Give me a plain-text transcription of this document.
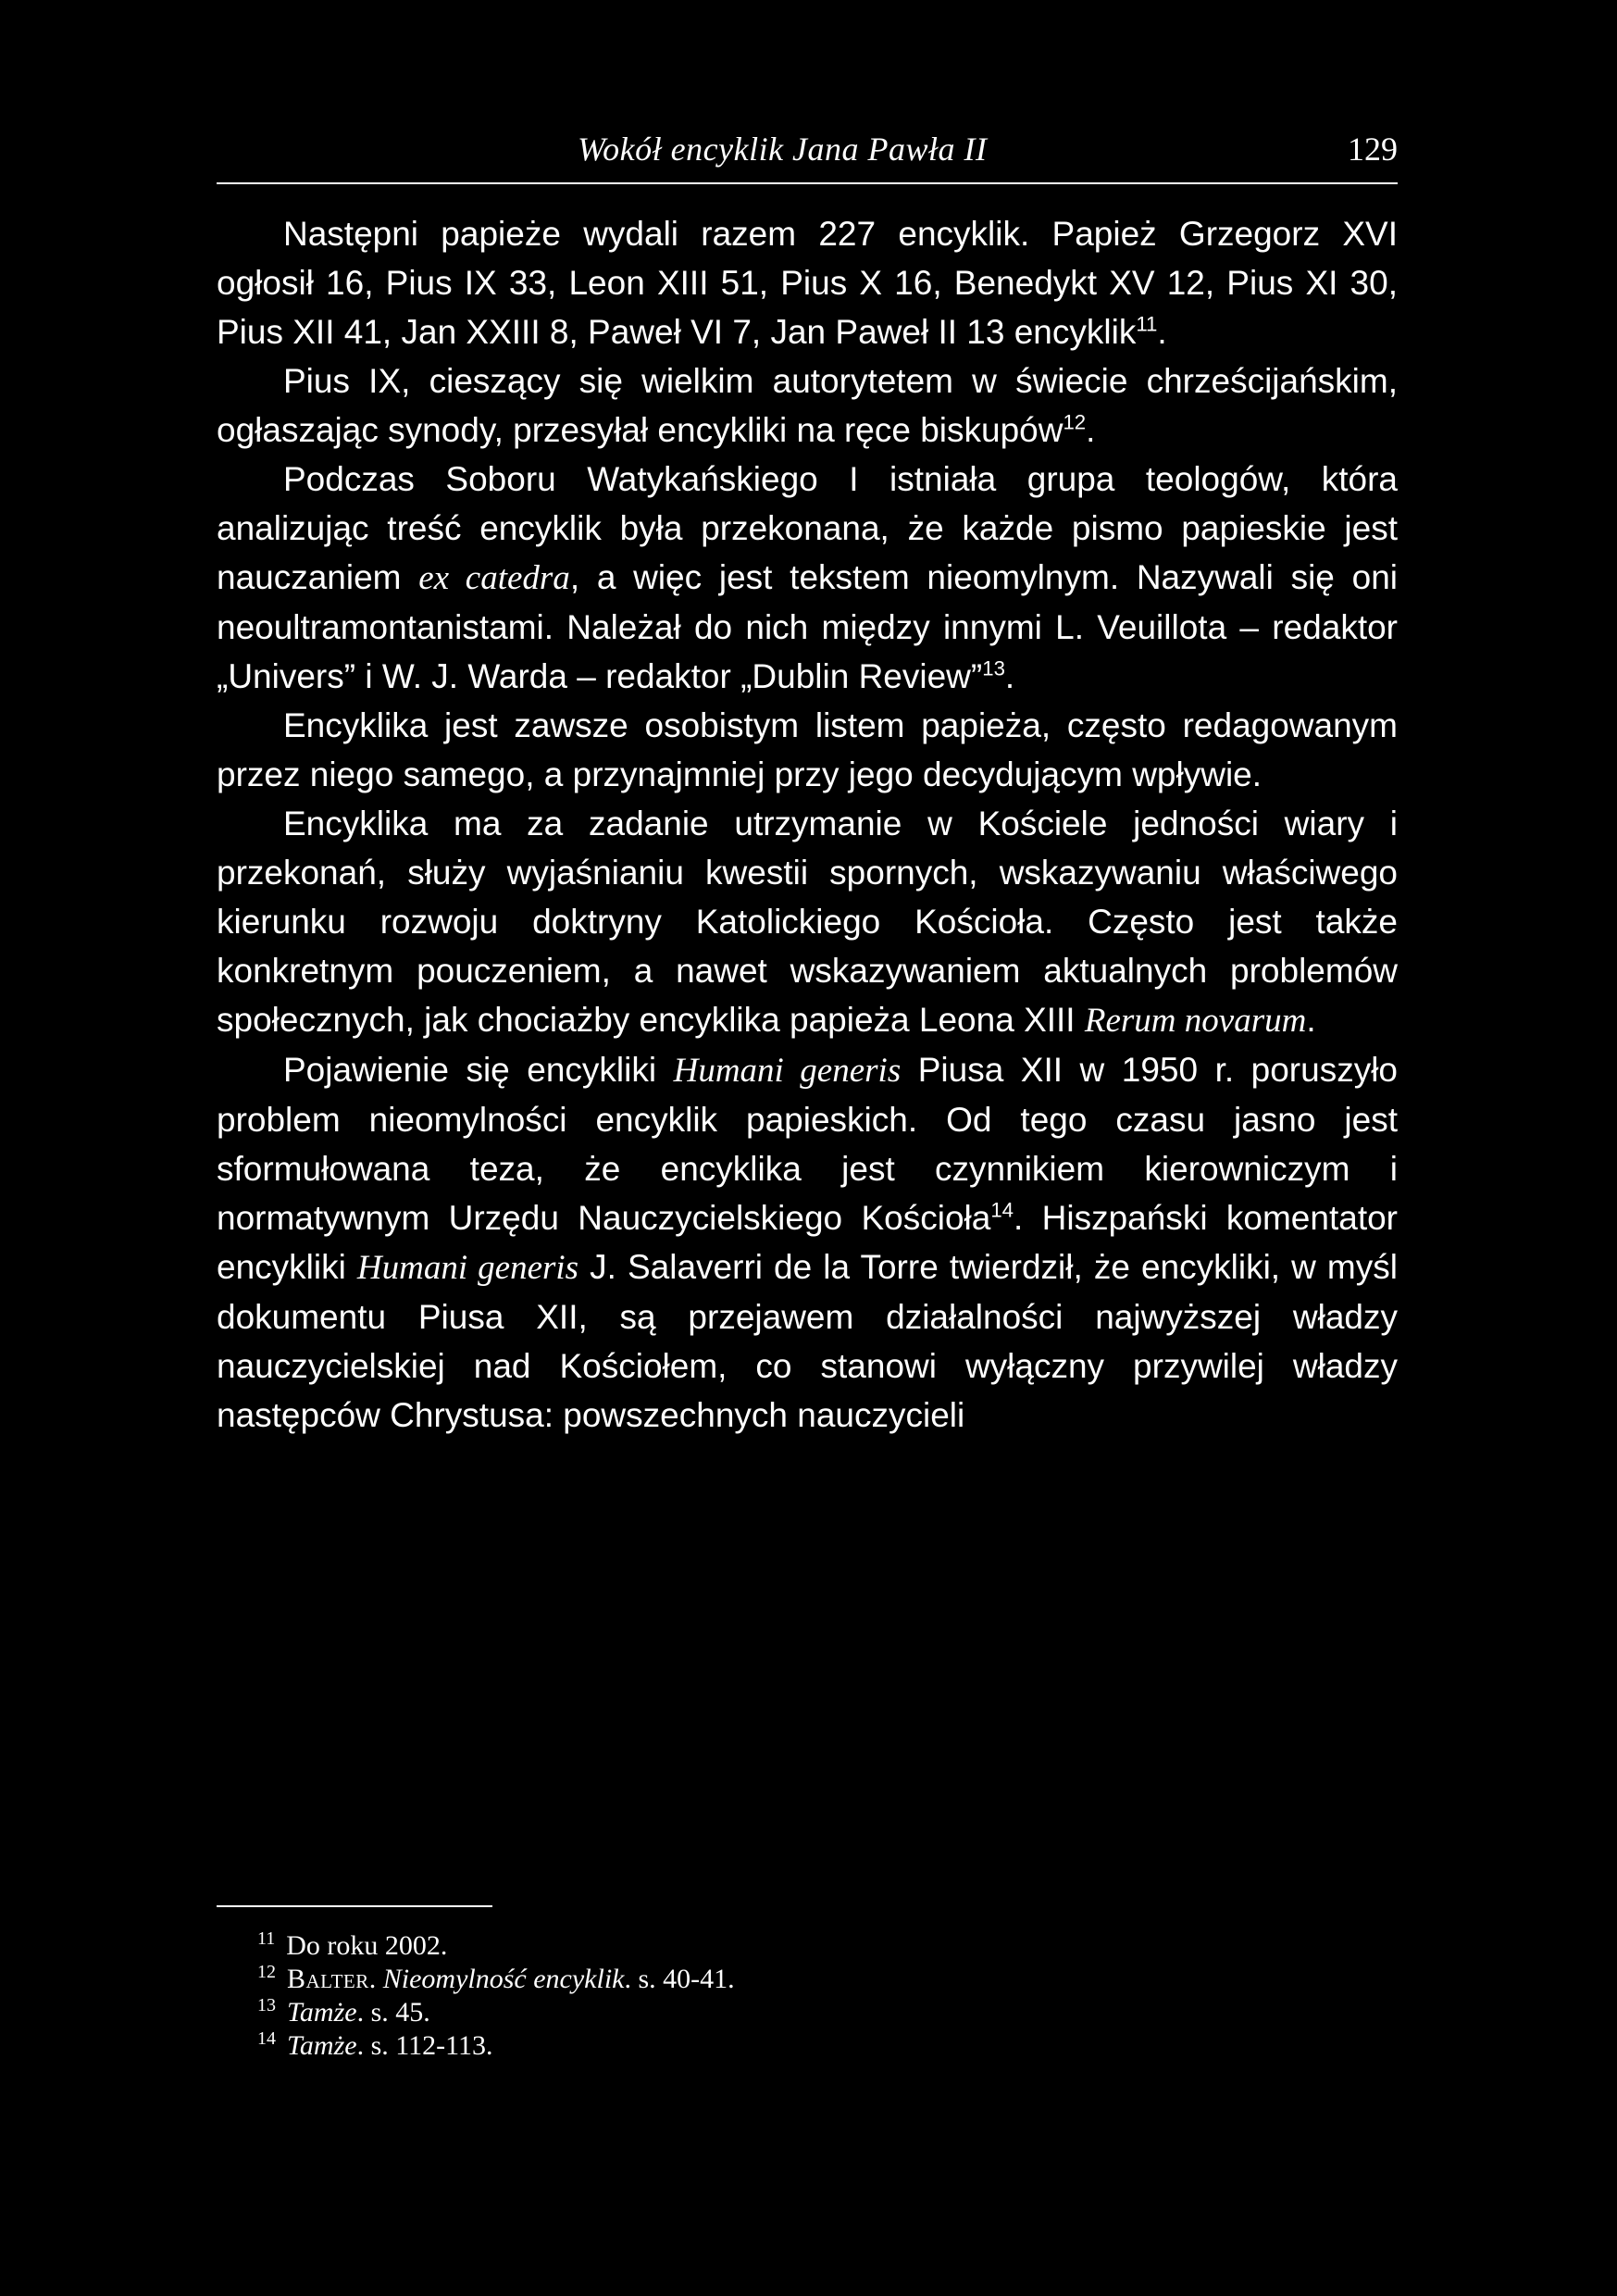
Wokół encyklik Jana Pawła II	129

Następni papieże wydali razem 227 encyklik. Papież Grzegorz XVI ogłosił 16, Pius IX 33, Leon XIII 51, Pius X 16, Benedykt XV 12, Pius XI 30, Pius XII 41, Jan XXIII 8, Paweł VI 7, Jan Paweł II 13 encyklik$^{11}$.

Pius IX, cieszący się wielkim autorytetem w świecie chrześcijańskim, ogłaszając synody, przesyłał encykliki na ręce biskupów$^{12}$.

Podczas Soboru Watykańskiego I istniała grupa teologów, która analizując treść encyklik była przekonana, że każde pismo papieskie jest nauczaniem ex catedra, a więc jest tekstem nieomylnym. Nazywali się oni neoultramontanistami. Należał do nich między innymi L. Veuillota – redaktor „Univers” i W. J. Warda – redaktor „Dublin Review”$^{13}$.

Encyklika jest zawsze osobistym listem papieża, często redagowanym przez niego samego, a przynajmniej przy jego decydującym wpływie.

Encyklika ma za zadanie utrzymanie w Kościele jedności wiary i przekonań, służy wyjaśnianiu kwestii spornych, wskazywaniu właściwego kierunku rozwoju doktryny Katolickiego Kościoła. Często jest także konkretnym pouczeniem, a nawet wskazywaniem aktualnych problemów społecznych, jak chociażby encyklika papieża Leona XIII Rerum novarum.

Pojawienie się encykliki Humani generis Piusa XII w 1950 r. poruszyło problem nieomylności encyklik papieskich. Od tego czasu jasno jest sformułowana teza, że encyklika jest czynnikiem kierowniczym i normatywnym Urzędu Nauczycielskiego Kościoła$^{14}$. Hiszpański komentator encykliki Humani generis J. Salaverri de la Torre twierdził, że encykliki, w myśl dokumentu Piusa XII, są przejawem działalności najwyższej władzy nauczycielskiej nad Kościołem, co stanowi wyłączny przywilej władzy następców Chrystusa: powszechnych nauczycieli

$^{11}$ Do roku 2002.

$^{12}$ Balter. Nieomylność encyklik. s. 40-41.

$^{13}$ Tamże. s. 45.

$^{14}$ Tamże. s. 112-113.
